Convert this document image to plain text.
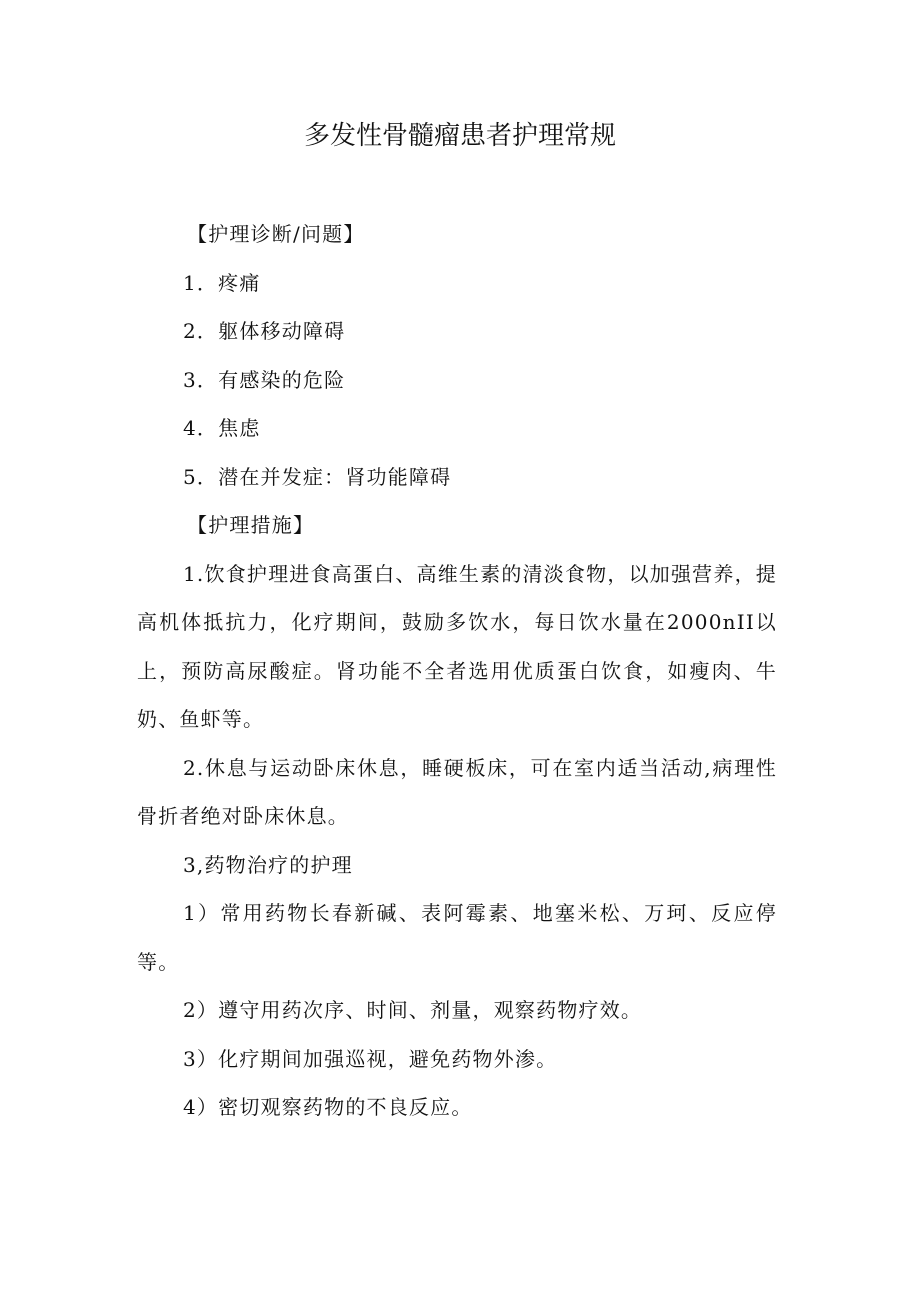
多发性骨髓瘤患者护理常规

【护理诊断/问题】

1．疼痛

2．躯体移动障碍

3．有感染的危险

4．焦虑

5．潜在并发症：肾功能障碍

【护理措施】

1.饮食护理进食高蛋白、高维生素的清淡食物，以加强营养，提高机体抵抗力，化疗期间，鼓励多饮水，每日饮水量在2000nII以上，预防高尿酸症。肾功能不全者选用优质蛋白饮食，如瘦肉、牛奶、鱼虾等。

2.休息与运动卧床休息，睡硬板床，可在室内适当活动,病理性骨折者绝对卧床休息。

3,药物治疗的护理

1）常用药物长春新碱、表阿霉素、地塞米松、万珂、反应停等。

2）遵守用药次序、时间、剂量，观察药物疗效。

3）化疗期间加强巡视，避免药物外渗。

4）密切观察药物的不良反应。
